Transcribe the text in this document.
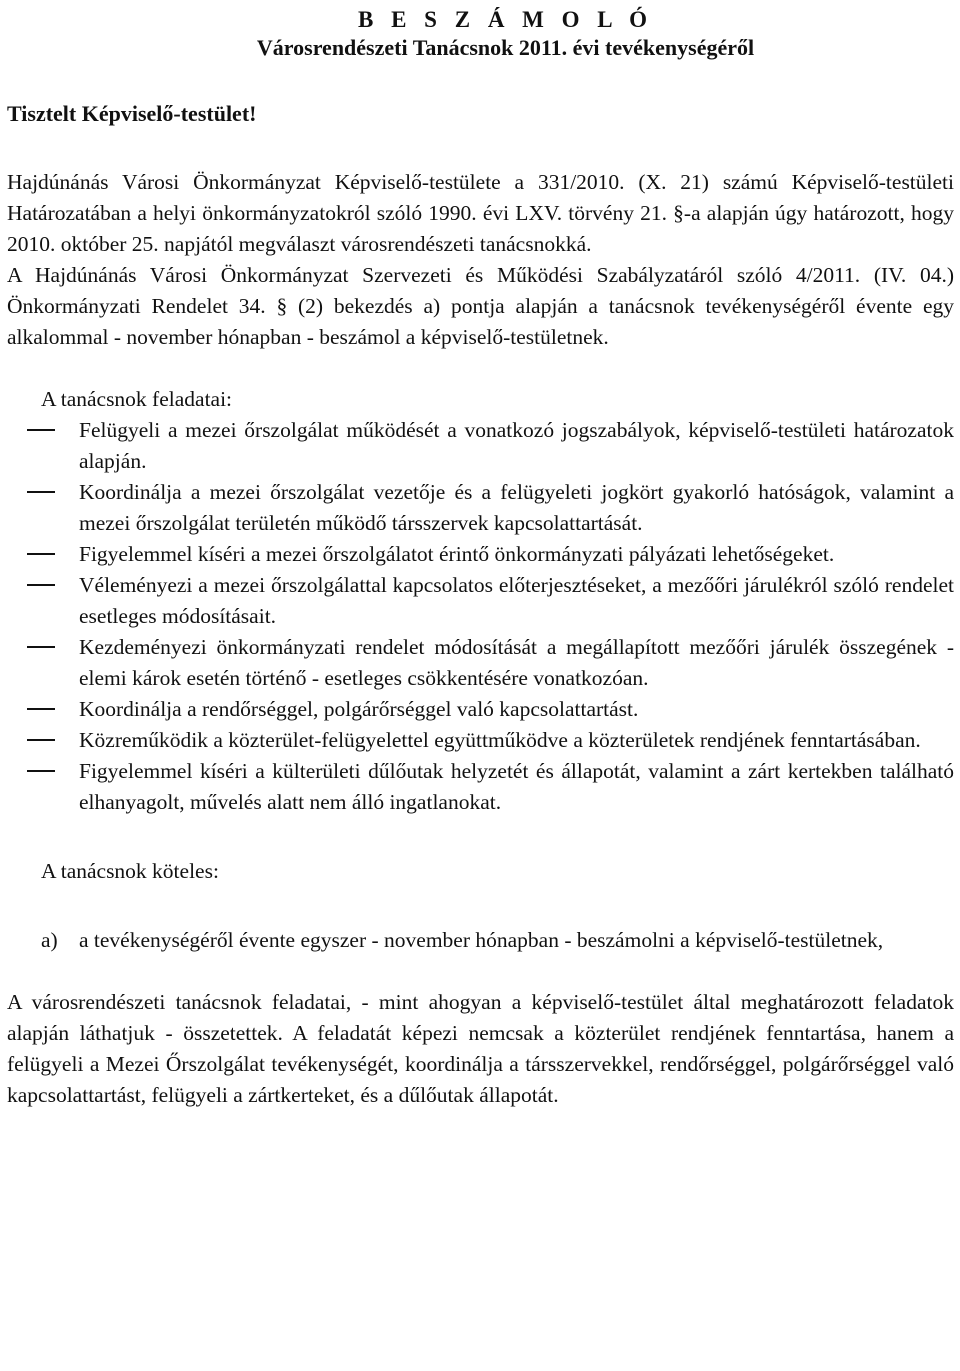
B E S Z Á M O L Ó
Városrendészeti Tanácsnok 2011. évi tevékenységéről
Tisztelt Képviselő-testület!

Hajdúnánás Városi Önkormányzat Képviselő-testülete a 331/2010. (X. 21) számú Képviselő-testületi Határozatában a helyi önkormányzatokról szóló 1990. évi LXV. törvény 21. §-a alapján úgy határozott, hogy 2010. október 25. napjától megválaszt városrendészeti tanácsnokká.

A Hajdúnánás Városi Önkormányzat Szervezeti és Működési Szabályzatáról szóló 4/2011. (IV. 04.) Önkormányzati Rendelet 34. § (2) bekezdés a) pontja alapján a tanácsnok tevékenységéről évente egy alkalommal - november hónapban - beszámol a képviselő-testületnek.

A tanácsnok feladatai:
Felügyeli a mezei őrszolgálat működését a vonatkozó jogszabályok, képviselő-testületi határozatok alapján.
Koordinálja a mezei őrszolgálat vezetője és a felügyeleti jogkört gyakorló hatóságok, valamint a mezei őrszolgálat területén működő társszervek kapcsolattartását.
Figyelemmel kíséri a mezei őrszolgálatot érintő önkormányzati pályázati lehetőségeket.
Véleményezi a mezei őrszolgálattal kapcsolatos előterjesztéseket, a mezőőri járulékról szóló rendelet esetleges módosításait.
Kezdeményezi önkormányzati rendelet módosítását a megállapított mezőőri járulék összegének - elemi károk esetén történő - esetleges csökkentésére vonatkozóan.
Koordinálja a rendőrséggel, polgárőrséggel való kapcsolattartást.
Közreműködik a közterület-felügyelettel együttműködve a közterületek rendjének fenntartásában.
Figyelemmel kíséri a külterületi dűlőutak helyzetét és állapotát, valamint a zárt kertekben található elhanyagolt, művelés alatt nem álló ingatlanokat.
A tanácsnok köteles:
a) a tevékenységéről évente egyszer - november hónapban - beszámolni a képviselő-testületnek,

A városrendészeti tanácsnok feladatai, - mint ahogyan a képviselő-testület által meghatározott feladatok alapján láthatjuk - összetettek. A feladatát képezi nemcsak a közterület rendjének fenntartása, hanem a felügyeli a Mezei Őrszolgálat tevékenységét, koordinálja a társszervekkel, rendőrséggel, polgárőrséggel való kapcsolattartást, felügyeli a zártkerteket, és a dűlőutak állapotát.
